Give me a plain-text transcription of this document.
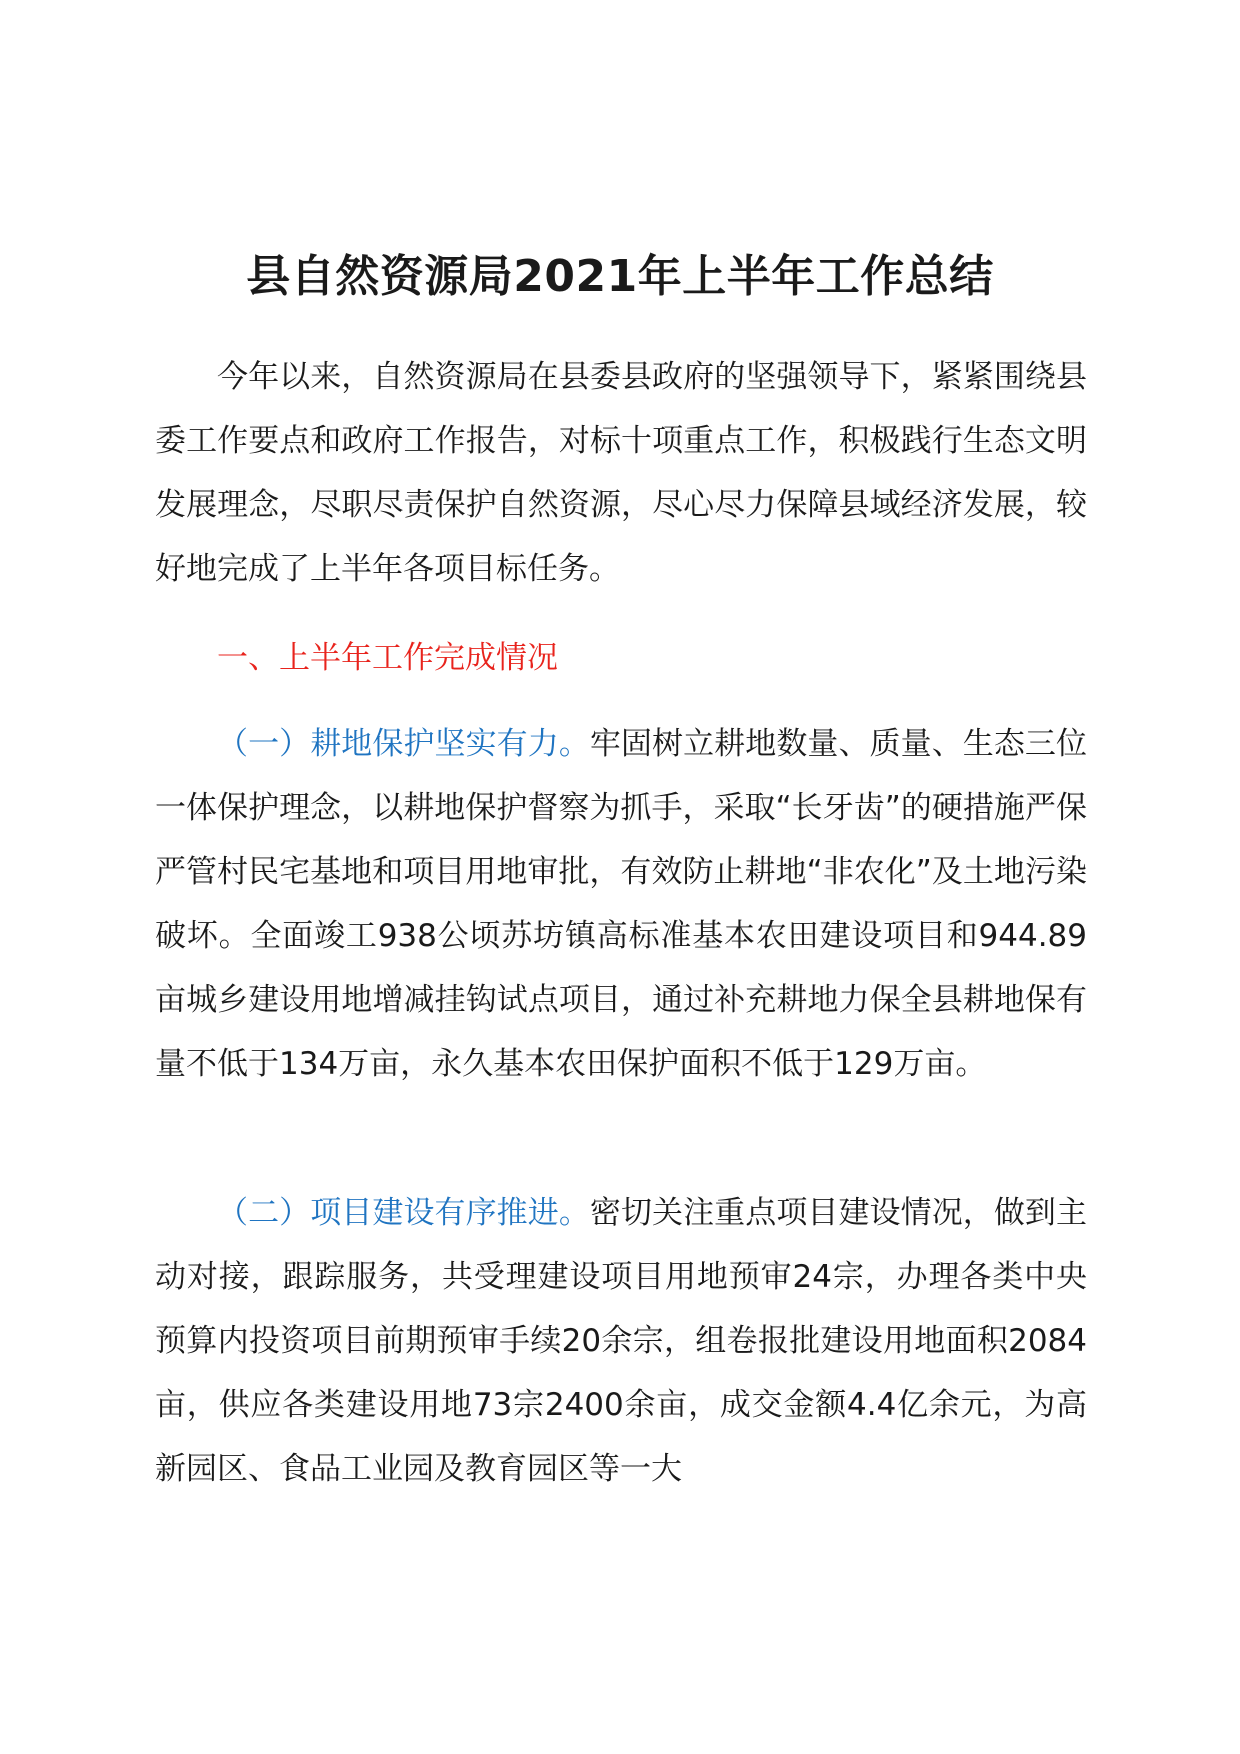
县自然资源局2021年上半年工作总结

今年以来，自然资源局在县委县政府的坚强领导下，紧紧围绕县委工作要点和政府工作报告，对标十项重点工作，积极践行生态文明发展理念，尽职尽责保护自然资源，尽心尽力保障县域经济发展，较好地完成了上半年各项目标任务。

一、上半年工作完成情况

（一）耕地保护坚实有力。牢固树立耕地数量、质量、生态三位一体保护理念，以耕地保护督察为抓手，采取“长牙齿”的硬措施严保严管村民宅基地和项目用地审批，有效防止耕地“非农化”及土地污染破坏。全面竣工938公顷苏坊镇高标准基本农田建设项目和944.89亩城乡建设用地增减挂钩试点项目，通过补充耕地力保全县耕地保有量不低于134万亩，永久基本农田保护面积不低于129万亩。

（二）项目建设有序推进。密切关注重点项目建设情况，做到主动对接，跟踪服务，共受理建设项目用地预审24宗，办理各类中央预算内投资项目前期预审手续20余宗，组卷报批建设用地面积2084亩，供应各类建设用地73宗2400余亩，成交金额4.4亿余元，为高新园区、食品工业园及教育园区等一大
